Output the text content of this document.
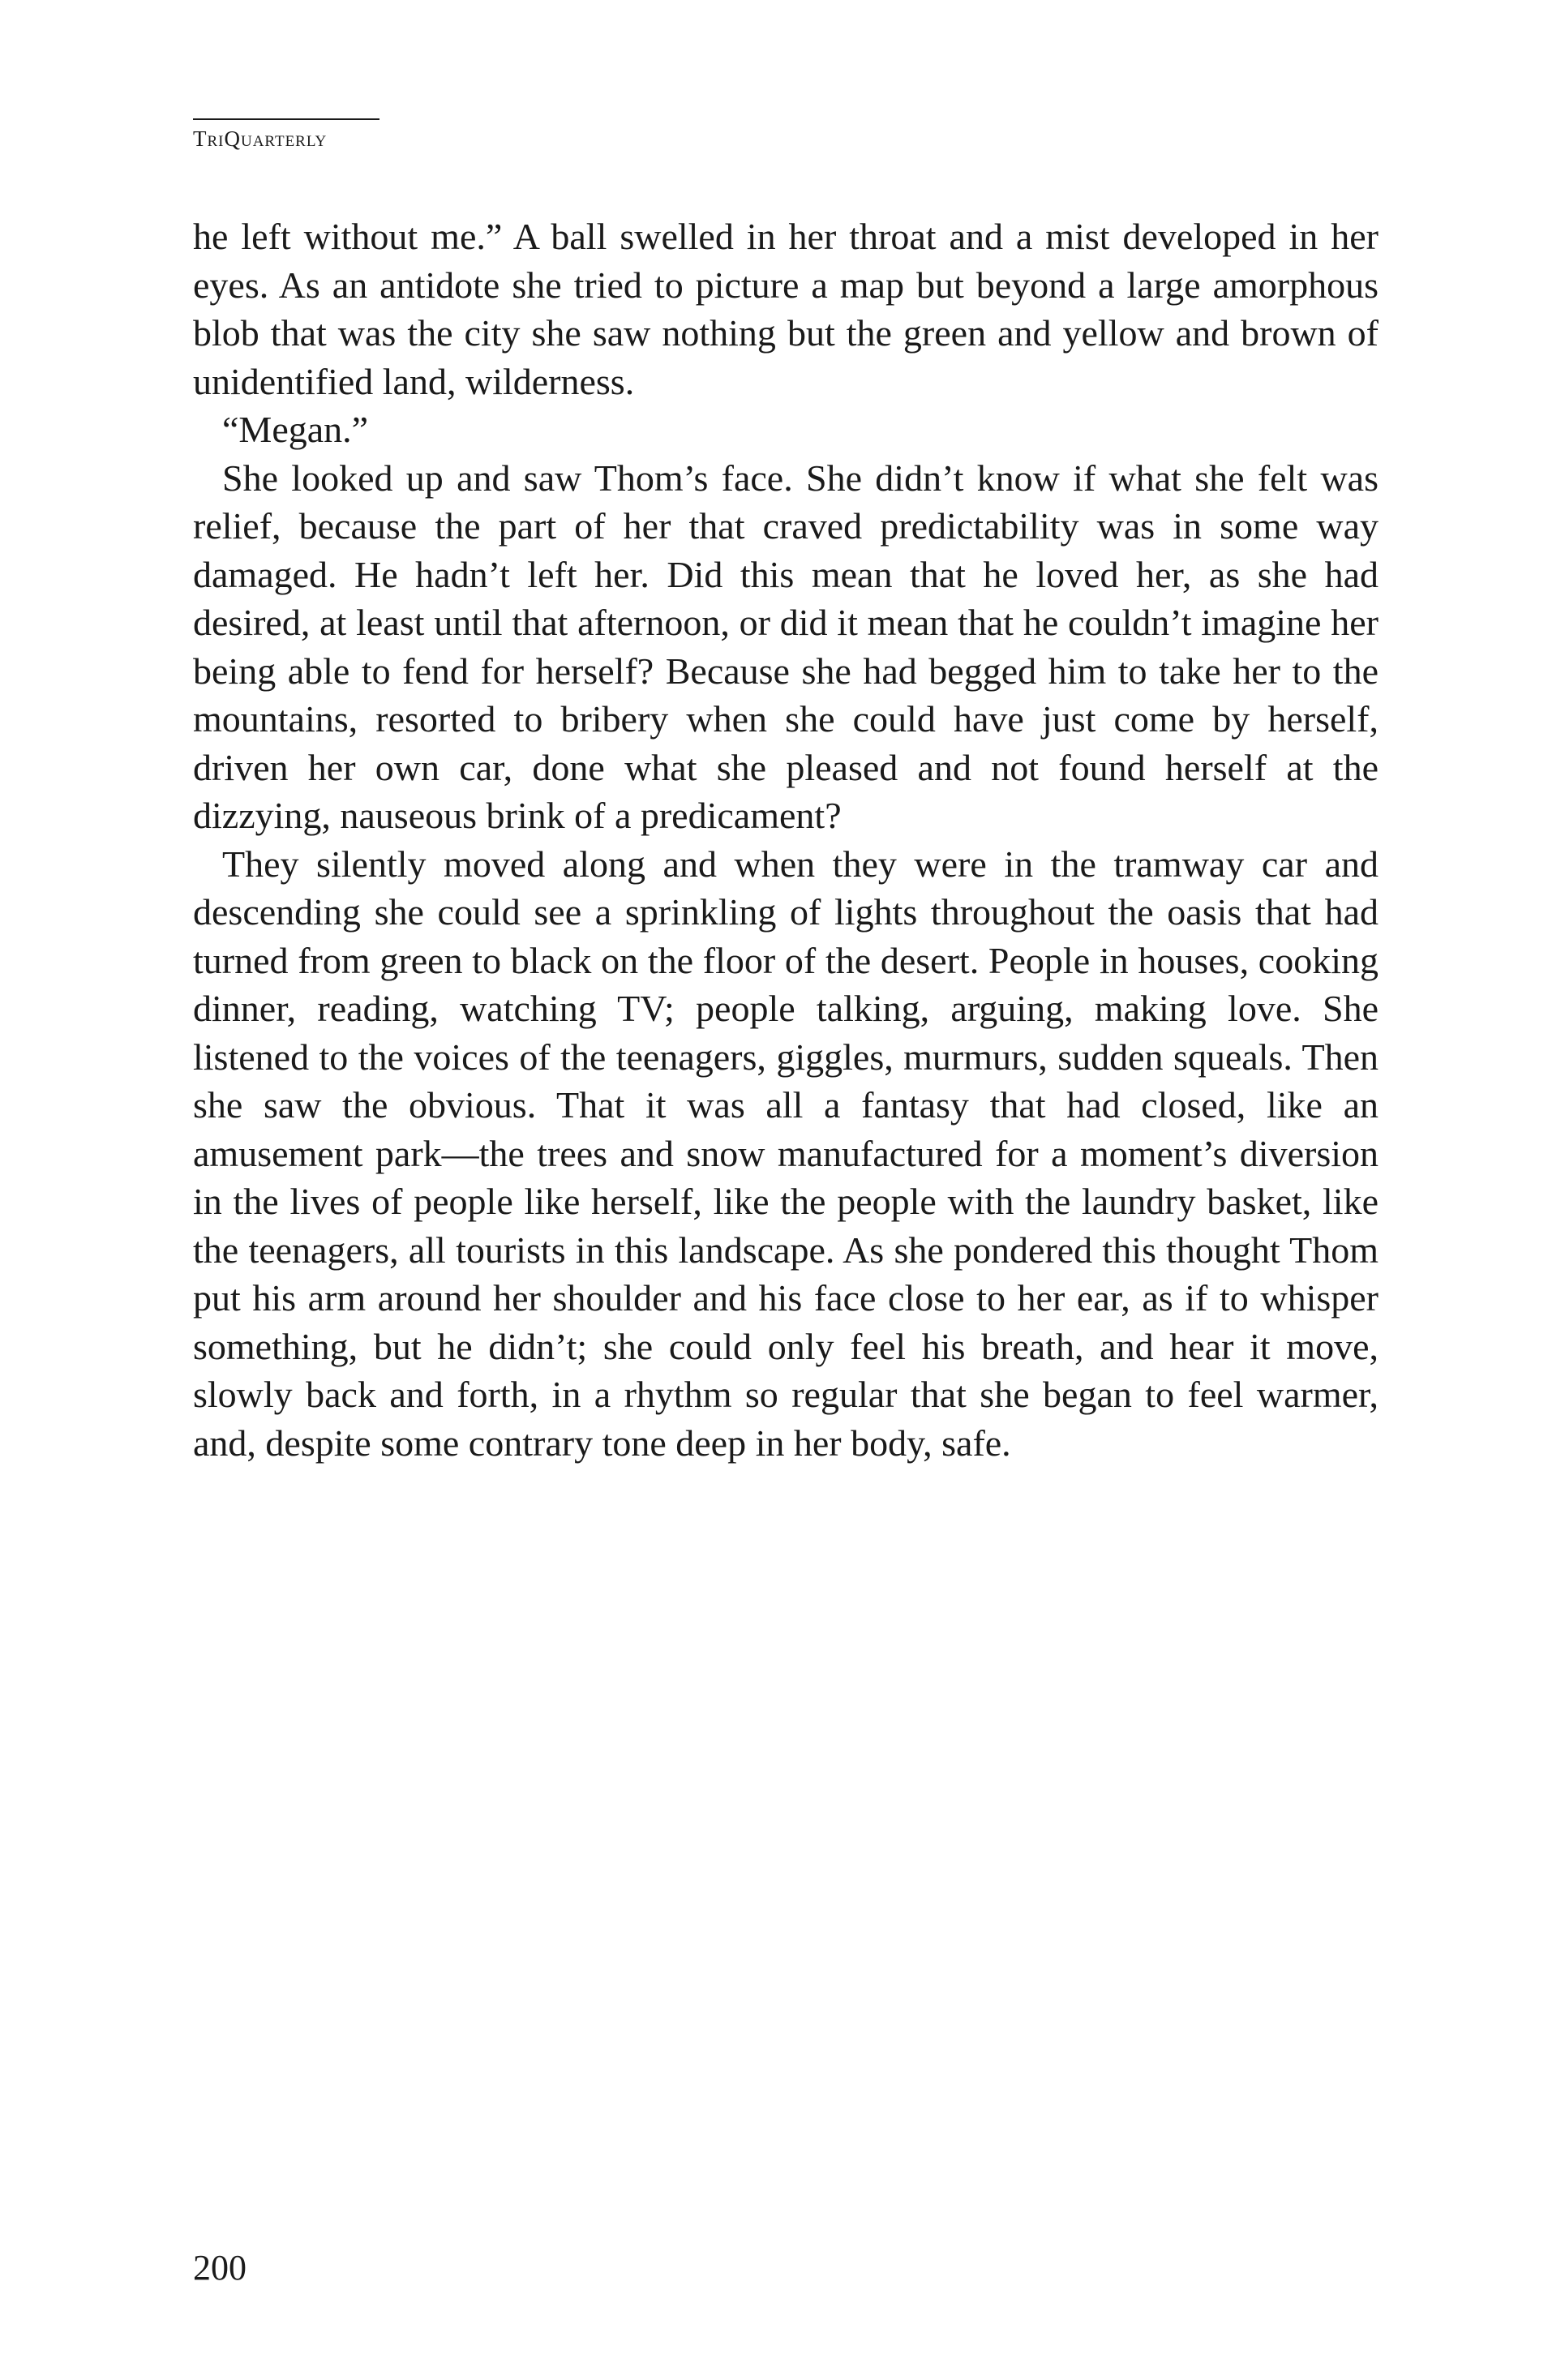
TriQuarterly

he left without me.” A ball swelled in her throat and a mist developed in her eyes. As an antidote she tried to picture a map but beyond a large amorphous blob that was the city she saw nothing but the green and yellow and brown of unidentified land, wilderness.

“Megan.”

She looked up and saw Thom’s face. She didn’t know if what she felt was relief, because the part of her that craved predictability was in some way damaged. He hadn’t left her. Did this mean that he loved her, as she had desired, at least until that afternoon, or did it mean that he couldn’t imagine her being able to fend for herself? Because she had begged him to take her to the mountains, resorted to bribery when she could have just come by herself, driven her own car, done what she pleased and not found herself at the dizzying, nauseous brink of a predicament?

They silently moved along and when they were in the tramway car and descending she could see a sprinkling of lights throughout the oasis that had turned from green to black on the floor of the desert. People in houses, cooking dinner, reading, watching TV; people talking, arguing, making love. She listened to the voices of the teenagers, giggles, murmurs, sudden squeals. Then she saw the obvious. That it was all a fantasy that had closed, like an amusement park—the trees and snow manufactured for a moment’s diversion in the lives of people like herself, like the people with the laundry basket, like the teenagers, all tourists in this landscape. As she pondered this thought Thom put his arm around her shoulder and his face close to her ear, as if to whisper something, but he didn’t; she could only feel his breath, and hear it move, slowly back and forth, in a rhythm so regular that she began to feel warmer, and, despite some contrary tone deep in her body, safe.

200
